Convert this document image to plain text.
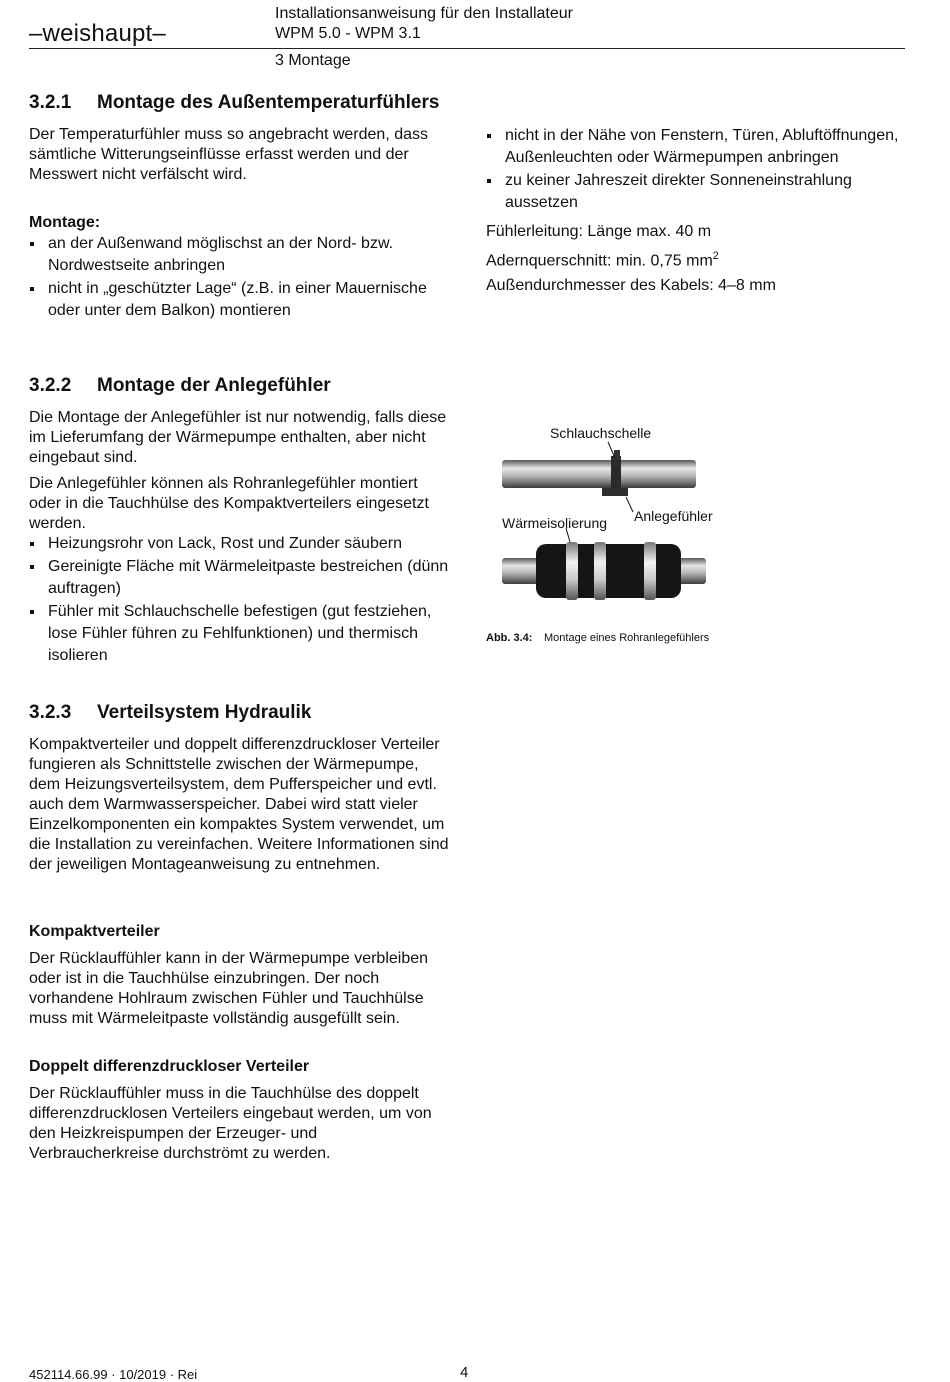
–weishaupt–
Installationsanweisung für den Installateur
WPM 5.0 - WPM 3.1
3 Montage
3.2.1 Montage des Außentemperaturfühlers
Der Temperaturfühler muss so angebracht werden, dass sämtliche Witterungseinflüsse erfasst werden und der Messwert nicht verfälscht wird.
Montage:
an der Außenwand möglischst an der Nord- bzw. Nordwestseite anbringen
nicht in „geschützter Lage“ (z.B. in einer Mauernische oder unter dem Balkon) montieren
nicht in der Nähe von Fenstern, Türen, Abluftöffnungen, Außenleuchten oder Wärmepumpen anbringen
zu keiner Jahreszeit direkter Sonneneinstrahlung aussetzen
Fühlerleitung: Länge max. 40 m
Adernquerschnitt: min. 0,75 $mm^2$
Außendurchmesser des Kabels: 4–8 mm
3.2.2 Montage der Anlegefühler
Die Montage der Anlegefühler ist nur notwendig, falls diese im Lieferumfang der Wärmepumpe enthalten, aber nicht eingebaut sind.
Die Anlegefühler können als Rohranlegefühler montiert oder in die Tauchhülse des Kompaktverteilers eingesetzt werden.
Heizungsrohr von Lack, Rost und Zunder säubern
Gereinigte Fläche mit Wärmeleitpaste bestreichen (dünn auftragen)
Fühler mit Schlauchschelle befestigen (gut festziehen, lose Fühler führen zu Fehlfunktionen) und thermisch isolieren
Schlauchschelle
Wärmeisolierung Anlegefühler
Abb. 3.4: Montage eines Rohranlegefühlers
3.2.3 Verteilsystem Hydraulik
Kompaktverteiler und doppelt differenzdruckloser Verteiler fungieren als Schnittstelle zwischen der Wärmepumpe, dem Heizungsverteilsystem, dem Pufferspeicher und evtl. auch dem Warmwasserspeicher. Dabei wird statt vieler Einzelkomponenten ein kompaktes System verwendet, um die Installation zu vereinfachen. Weitere Informationen sind der jeweiligen Montageanweisung zu entnehmen.
Kompaktverteiler
Der Rücklauffühler kann in der Wärmepumpe verbleiben oder ist in die Tauchhülse einzubringen. Der noch vorhandene Hohlraum zwischen Fühler und Tauchhülse muss mit Wärmeleitpaste vollständig ausgefüllt sein.
Doppelt differenzdruckloser Verteiler
Der Rücklauffühler muss in die Tauchhülse des doppelt differenzdrucklosen Verteilers eingebaut werden, um von den Heizkreispumpen der Erzeuger- und Verbraucherkreise durchströmt zu werden.
452114.66.99 · 10/2019 · Rei	4
